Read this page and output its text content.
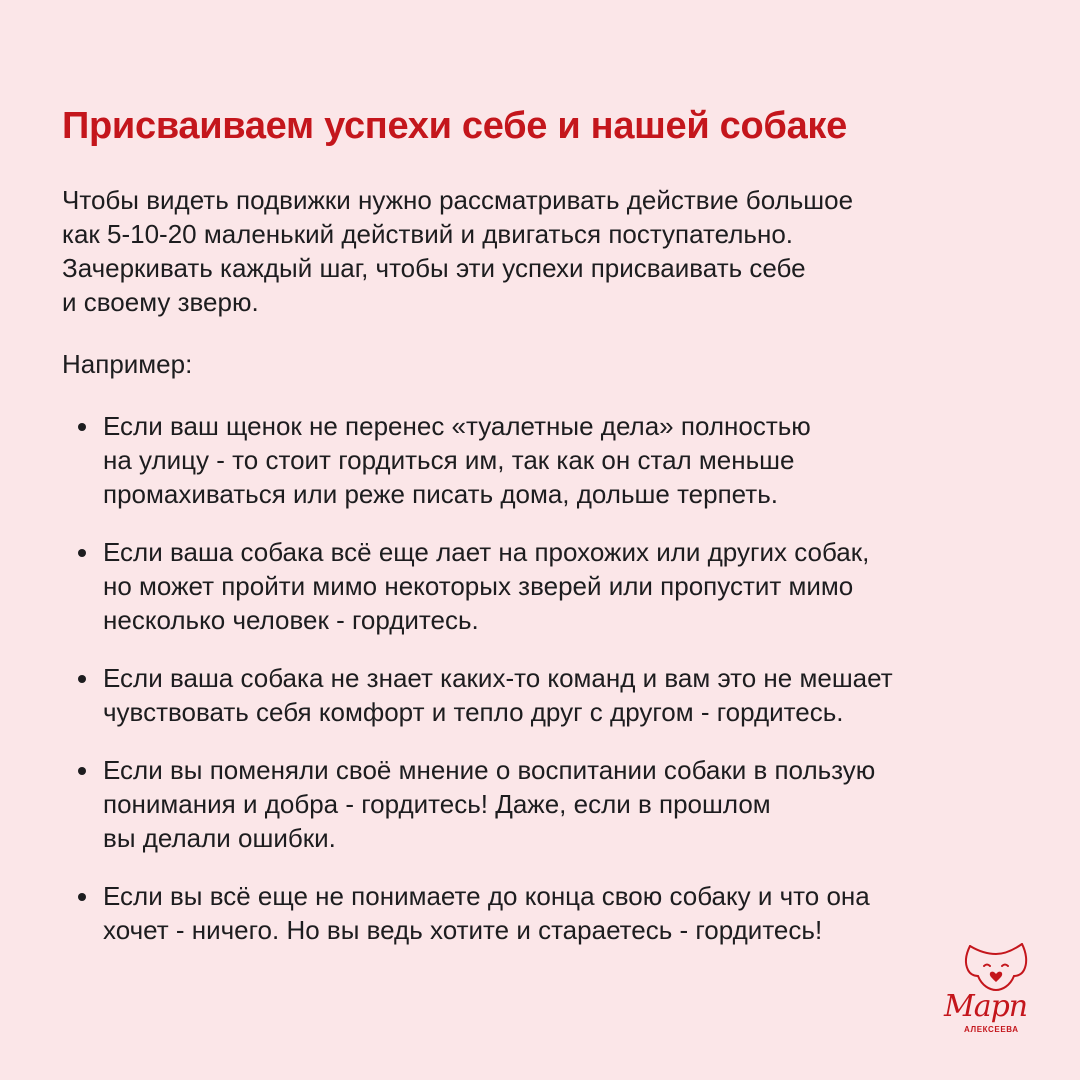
Присваиваем успехи себе и нашей собаке

Чтобы видеть подвижки нужно рассматривать действие большое
как 5-10-20 маленький действий и двигаться поступательно.
Зачеркивать каждый шаг, чтобы эти успехи присваивать себе
и своему зверю.

Например:

Если ваш щенок не перенес «туалетные дела» полностью
на улицу - то стоит гордиться им, так как он стал меньше
промахиваться или реже писать дома, дольше терпеть.
Если ваша собака всё еще лает на прохожих или других собак,
но может пройти мимо некоторых зверей или пропустит мимо
несколько человек - гордитесь.
Если ваша собака не знает каких-то команд и вам это не мешает
чувствовать себя комфорт и тепло друг с другом - гордитесь.
Если вы поменяли своё мнение о воспитании собаки в пользую
понимания и добра - гордитесь! Даже, если в прошлом
вы делали ошибки.
Если вы всё еще не понимаете до конца свою собаку и что она
хочет - ничего. Но вы ведь хотите и стараетесь - гордитесь!
Марп
АЛЕКСЕЕВА
